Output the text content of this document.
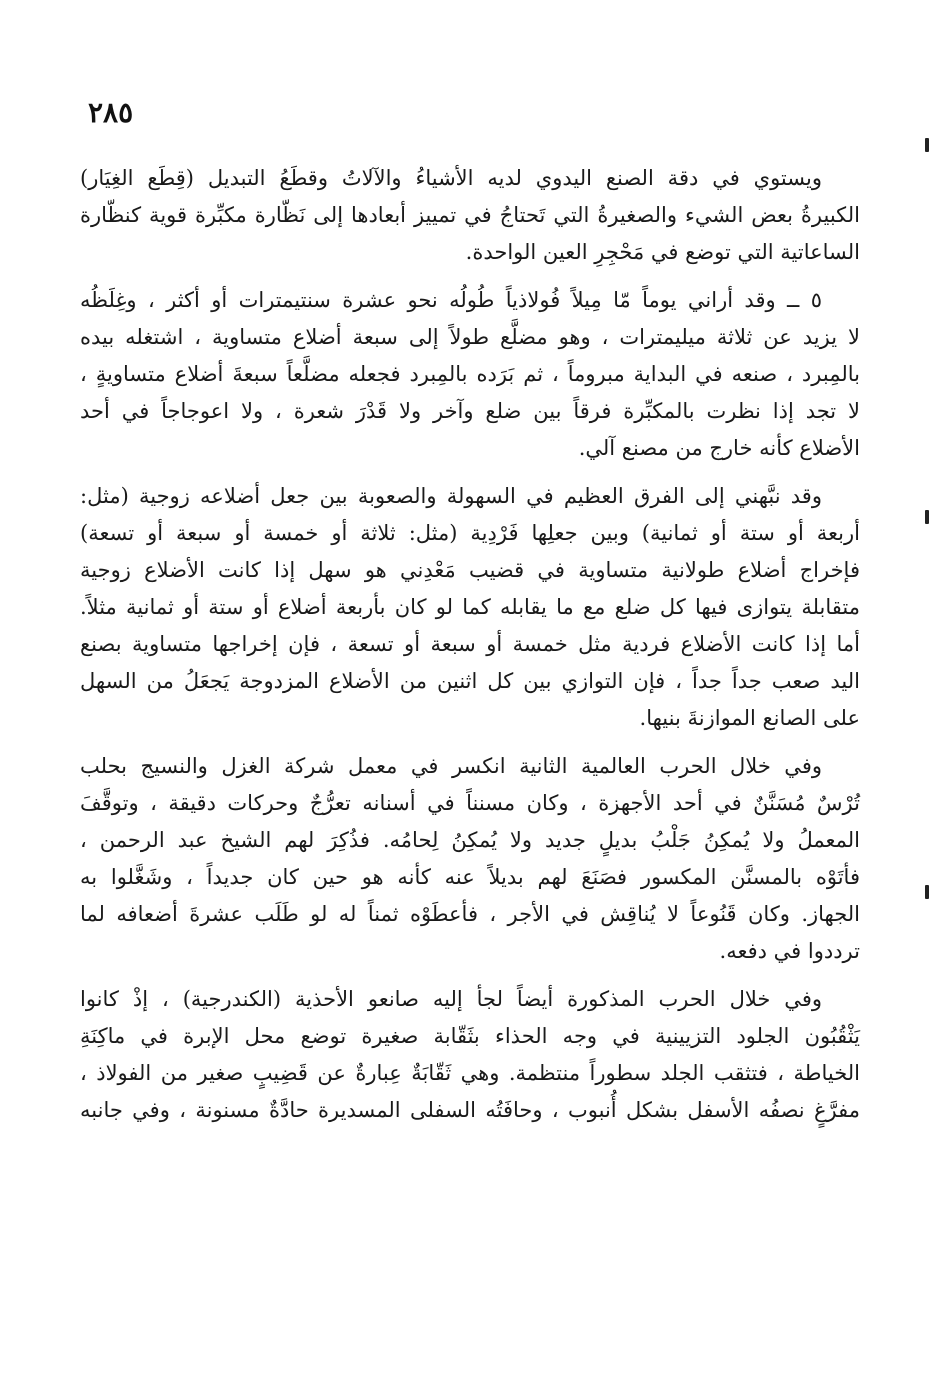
٢٨٥

ويستوي في دقة الصنع اليدوي لديه الأشياءُ والآلاتُ وقطَعُ التبديل (قِطَع الغِيَار)
الكبيرةُ بعض الشيء والصغيرةُ التي تَحتاجُ في تمييز أبعادها إلى نَظّارة مكبِّرة قوية كنظّارة
الساعاتية التي توضع في مَحْجِرِ العين الواحدة.

٥ ــ وقد أراني يوماً مّا مِيلاً فُولاذياً طُولُه نحو عشرة سنتيمترات أو أكثر ، وغِلَظُه
لا يزيد عن ثلاثة ميليمترات ، وهو مضلَّع طولاً إلى سبعة أضلاع متساوية ، اشتغله بيده
بالمِبرد ، صنعه في البداية مبروماً ، ثم بَرَده بالمِبرد فجعله مضلَّعاً سبعةَ أضلاع متساويةٍ ،
لا تجد إذا نظرت بالمكبِّرة فرقاً بين ضلع وآخر ولا قَدْرَ شعرة ، ولا اعوجاجاً في أحد
الأضلاع كأنه خارج من مصنع آلي.

وقد نبَّهني إلى الفرق العظيم في السهولة والصعوبة بين جعل أضلاعه زوجية (مثل:
أربعة أو ستة أو ثمانية) وبين جعلِها فَرْدِية (مثل: ثلاثة أو خمسة أو سبعة أو تسعة)
فإخراج أضلاع طولانية متساوية في قضيب مَعْدِني هو سهل إذا كانت الأضلاع زوجية
متقابلة يتوازى فيها كل ضلع مع ما يقابله كما لو كان بأربعة أضلاع أو ستة أو ثمانية مثلاً.
أما إذا كانت الأضلاع فردية مثل خمسة أو سبعة أو تسعة ، فإن إخراجها متساوية بصنع
اليد صعب جداً جداً ، فإن التوازي بين كل اثنين من الأضلاع المزدوجة يَجعَلُ من السهل
على الصانع الموازنةَ بنيها.

وفي خلال الحرب العالمية الثانية انكسر في معمل شركة الغزل والنسيج بحلب
تُرْسٌ مُسَنَّنٌ في أحد الأجهزة ، وكان مسنناً في أسنانه تعرُّجٌ وحركات دقيقة ، وتوقَّفَ
المعملُ ولا يُمكِنُ جَلْبُ بديلٍ جديد ولا يُمكِنُ لِحامُه. فذُكِرَ لهم الشيخ عبد الرحمن ،
فأتَوْه بالمسنَّن المكسور فصَنَعَ لهم بديلاً عنه كأنه هو حين كان جديداً ، وشَغَّلوا به
الجهاز. وكان قَنُوعاً لا يُناقِش في الأجر ، فأعطَوْه ثمناً له لو طَلَب عشرةَ أضعافه لما
ترددوا في دفعه.

وفي خلال الحرب المذكورة أيضاً لجأ إليه صانعو الأحذية (الكندرجية) ، إذْ كانوا
يَثْقُبُون الجلود التزيينية في وجه الحذاء بثَقّابة صغيرة توضع محل الإبرة في ماكِنَةِ
الخياطة ، فتثقب الجلد سطوراً منتظمة. وهي ثَقّابَةٌ عِبارةٌ عن قَضِيبٍ صغير من الفولاذ ،
مفرَّغٍ نصفُه الأسفل بشكل أُنبوب ، وحافَتُه السفلى المسديرة حادَّةٌ مسنونة ، وفي جانبه
